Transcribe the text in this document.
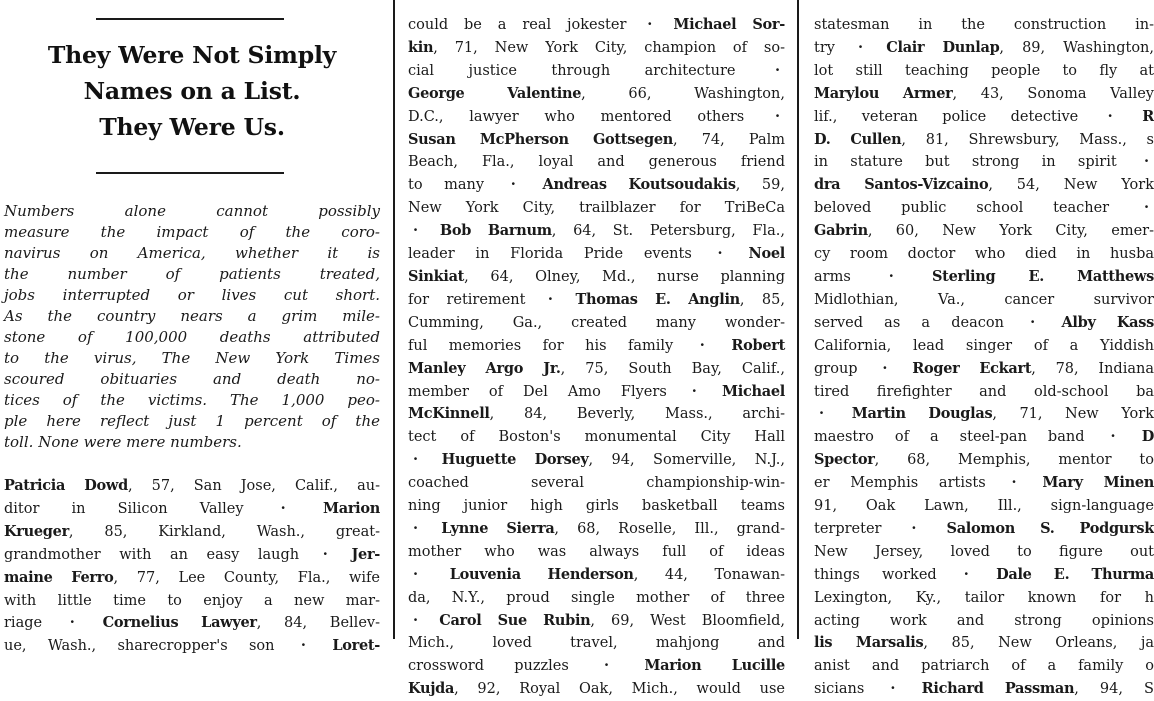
They Were Not Simply
Names on a List.
They Were Us.

Numbers alone cannot possibly
measure the impact of the coro-
navirus on America, whether it is
the number of patients treated,
jobs interrupted or lives cut short.
As the country nears a grim mile-
stone of 100,000 deaths attributed
to the virus, The New York Times
scoured obituaries and death no-
tices of the victims. The 1,000 peo-
ple here reflect just 1 percent of the
toll. None were mere numbers.

Patricia Dowd, 57, San Jose, Calif., au-
ditor in Silicon Valley · Marion
Krueger, 85, Kirkland, Wash., great-
grandmother with an easy laugh · Jer-
maine Ferro, 77, Lee County, Fla., wife
with little time to enjoy a new mar-
riage · Cornelius Lawyer, 84, Bellev-
ue, Wash., sharecropper's son · Loret-
could be a real jokester · Michael Sor-
kin, 71, New York City, champion of so-
cial justice through architecture ·
George Valentine, 66, Washington,
D.C., lawyer who mentored others ·
Susan McPherson Gottsegen, 74, Palm
Beach, Fla., loyal and generous friend
to many · Andreas Koutsoudakis, 59,
New York City, trailblazer for TriBeCa
· Bob Barnum, 64, St. Petersburg, Fla.,
leader in Florida Pride events · Noel
Sinkiat, 64, Olney, Md., nurse planning
for retirement · Thomas E. Anglin, 85,
Cumming, Ga., created many wonder-
ful memories for his family · Robert
Manley Argo Jr., 75, South Bay, Calif.,
member of Del Amo Flyers · Michael
McKinnell, 84, Beverly, Mass., archi-
tect of Boston's monumental City Hall
· Huguette Dorsey, 94, Somerville, N.J.,
coached several championship-win-
ning junior high girls basketball teams
· Lynne Sierra, 68, Roselle, Ill., grand-
mother who was always full of ideas
· Louvenia Henderson, 44, Tonawan-
da, N.Y., proud single mother of three
· Carol Sue Rubin, 69, West Bloomfield,
Mich., loved travel, mahjong and
crossword puzzles · Marion Lucille
Kujda, 92, Royal Oak, Mich., would use
statesman in the construction in-
try · Clair Dunlap, 89, Washington,
lot still teaching people to fly at
Marylou Armer, 43, Sonoma Valley
lif., veteran police detective · R
D. Cullen, 81, Shrewsbury, Mass., s
in stature but strong in spirit ·
dra Santos-Vizcaino, 54, New York
beloved public school teacher ·
Gabrin, 60, New York City, emer-
cy room doctor who died in husba
arms · Sterling E. Matthews
Midlothian, Va., cancer survivor
served as a deacon · Alby Kass
California, lead singer of a Yiddish
group · Roger Eckart, 78, Indiana
tired firefighter and old-school ba
· Martin Douglas, 71, New York
maestro of a steel-pan band · D
Spector, 68, Memphis, mentor to
er Memphis artists · Mary Minen
91, Oak Lawn, Ill., sign-language
terpreter · Salomon S. Podgursk
New Jersey, loved to figure out
things worked · Dale E. Thurma
Lexington, Ky., tailor known for h
acting work and strong opinions
lis Marsalis, 85, New Orleans, ja
anist and patriarch of a family o
sicians · Richard Passman, 94, S
